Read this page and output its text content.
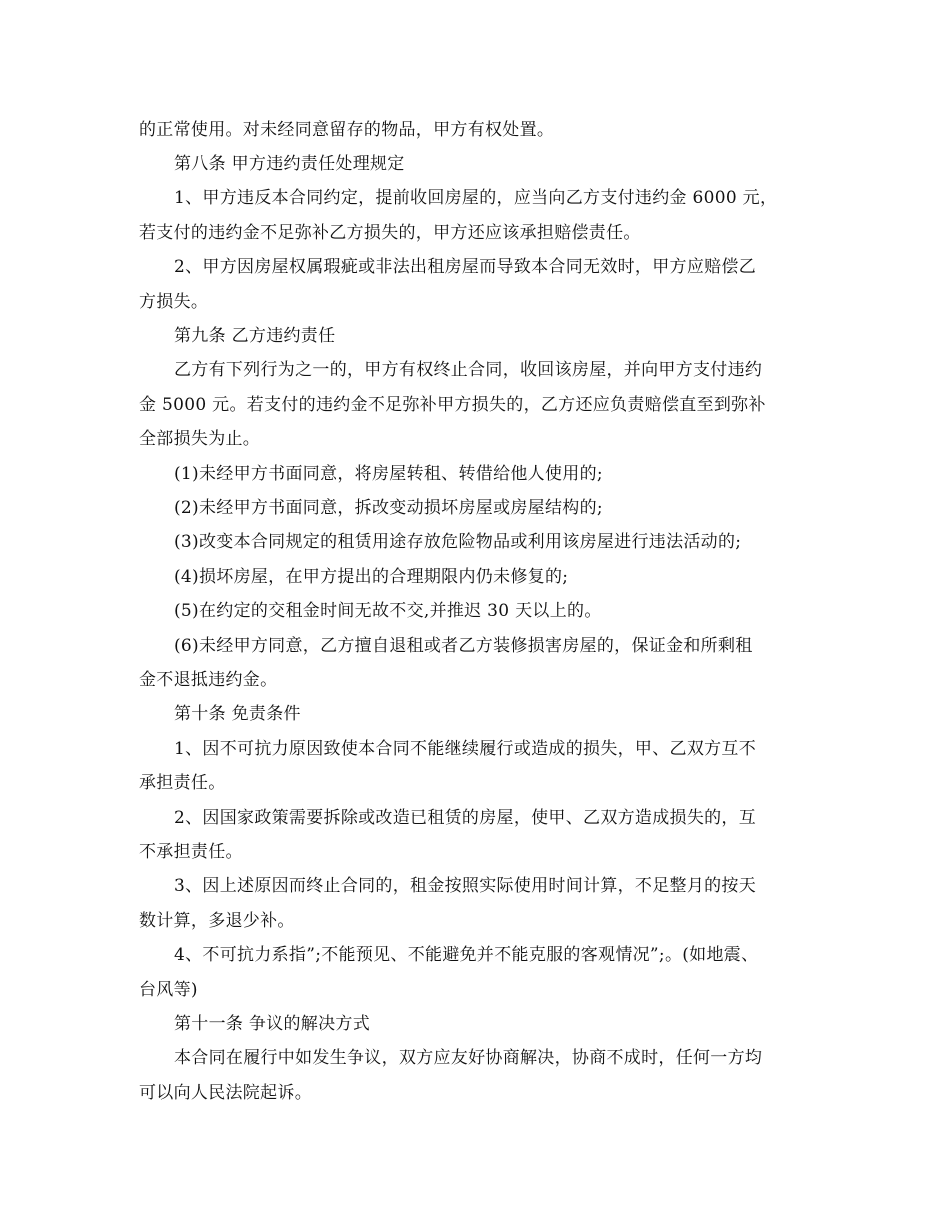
的正常使用。对未经同意留存的物品，甲方有权处置。
第八条 甲方违约责任处理规定
1、甲方违反本合同约定，提前收回房屋的，应当向乙方支付违约金 6000 元，
若支付的违约金不足弥补乙方损失的，甲方还应该承担赔偿责任。
2、甲方因房屋权属瑕疵或非法出租房屋而导致本合同无效时，甲方应赔偿乙
方损失。
第九条 乙方违约责任
乙方有下列行为之一的，甲方有权终止合同，收回该房屋，并向甲方支付违约
金 5000 元。若支付的违约金不足弥补甲方损失的，乙方还应负责赔偿直至到弥补
全部损失为止。
(1)未经甲方书面同意，将房屋转租、转借给他人使用的;
(2)未经甲方书面同意，拆改变动损坏房屋或房屋结构的;
(3)改变本合同规定的租赁用途存放危险物品或利用该房屋进行违法活动的;
(4)损坏房屋，在甲方提出的合理期限内仍未修复的;
(5)在约定的交租金时间无故不交,并推迟 30 天以上的。
(6)未经甲方同意，乙方擅自退租或者乙方装修损害房屋的，保证金和所剩租
金不退抵违约金。
第十条 免责条件
1、因不可抗力原因致使本合同不能继续履行或造成的损失，甲、乙双方互不
承担责任。
2、因国家政策需要拆除或改造已租赁的房屋，使甲、乙双方造成损失的，互
不承担责任。
3、因上述原因而终止合同的，租金按照实际使用时间计算，不足整月的按天
数计算，多退少补。
4、不可抗力系指”;不能预见、不能避免并不能克服的客观情况”;。(如地震、
台风等)
第十一条 争议的解决方式
本合同在履行中如发生争议，双方应友好协商解决，协商不成时，任何一方均
可以向人民法院起诉。
